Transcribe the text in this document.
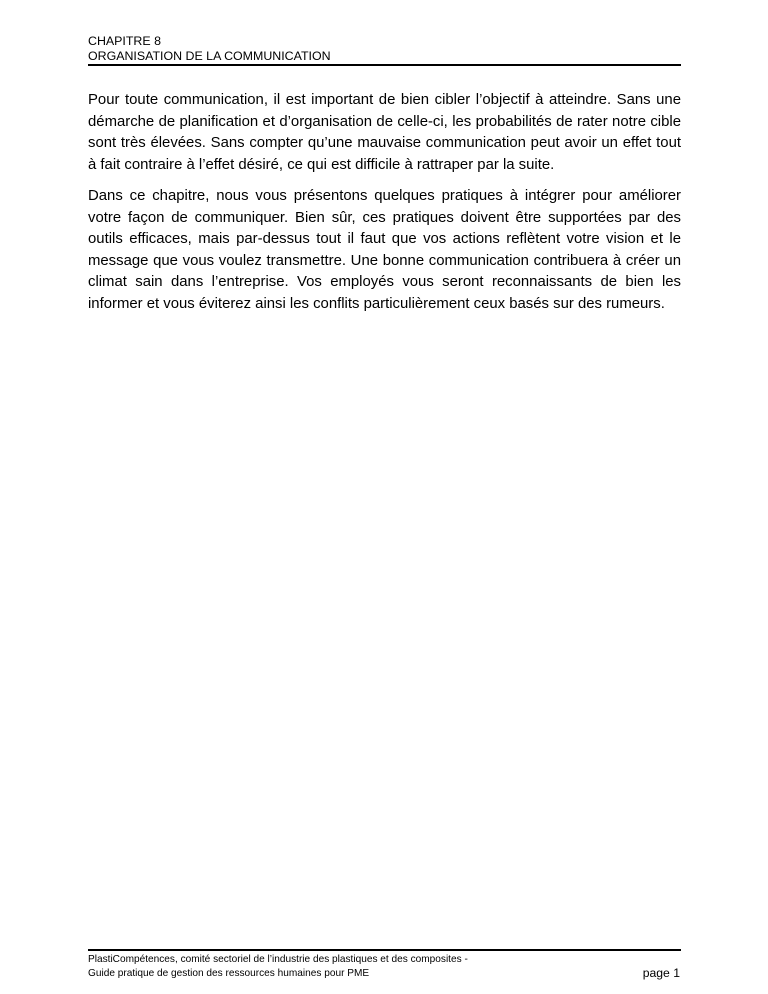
CHAPITRE 8
ORGANISATION DE LA COMMUNICATION

Pour toute communication, il est important de bien cibler l’objectif à atteindre. Sans une démarche de planification et d’organisation de celle-ci, les probabilités de rater notre cible sont très élevées. Sans compter qu’une mauvaise communication peut avoir un effet tout à fait contraire à l’effet désiré, ce qui est difficile à rattraper par la suite.

Dans ce chapitre, nous vous présentons quelques pratiques à intégrer pour améliorer votre façon de communiquer. Bien sûr, ces pratiques doivent être supportées par des outils efficaces, mais par-dessus tout il faut que vos actions reflètent votre vision et le message que vous voulez transmettre. Une bonne communication contribuera à créer un climat sain dans l’entreprise. Vos employés vous seront reconnaissants de bien les informer et vous éviterez ainsi les conflits particulièrement ceux basés sur des rumeurs.

PlastiCompétences, comité sectoriel de l’industrie des plastiques et des composites -
Guide pratique de gestion des ressources humaines pour PME	page 1
